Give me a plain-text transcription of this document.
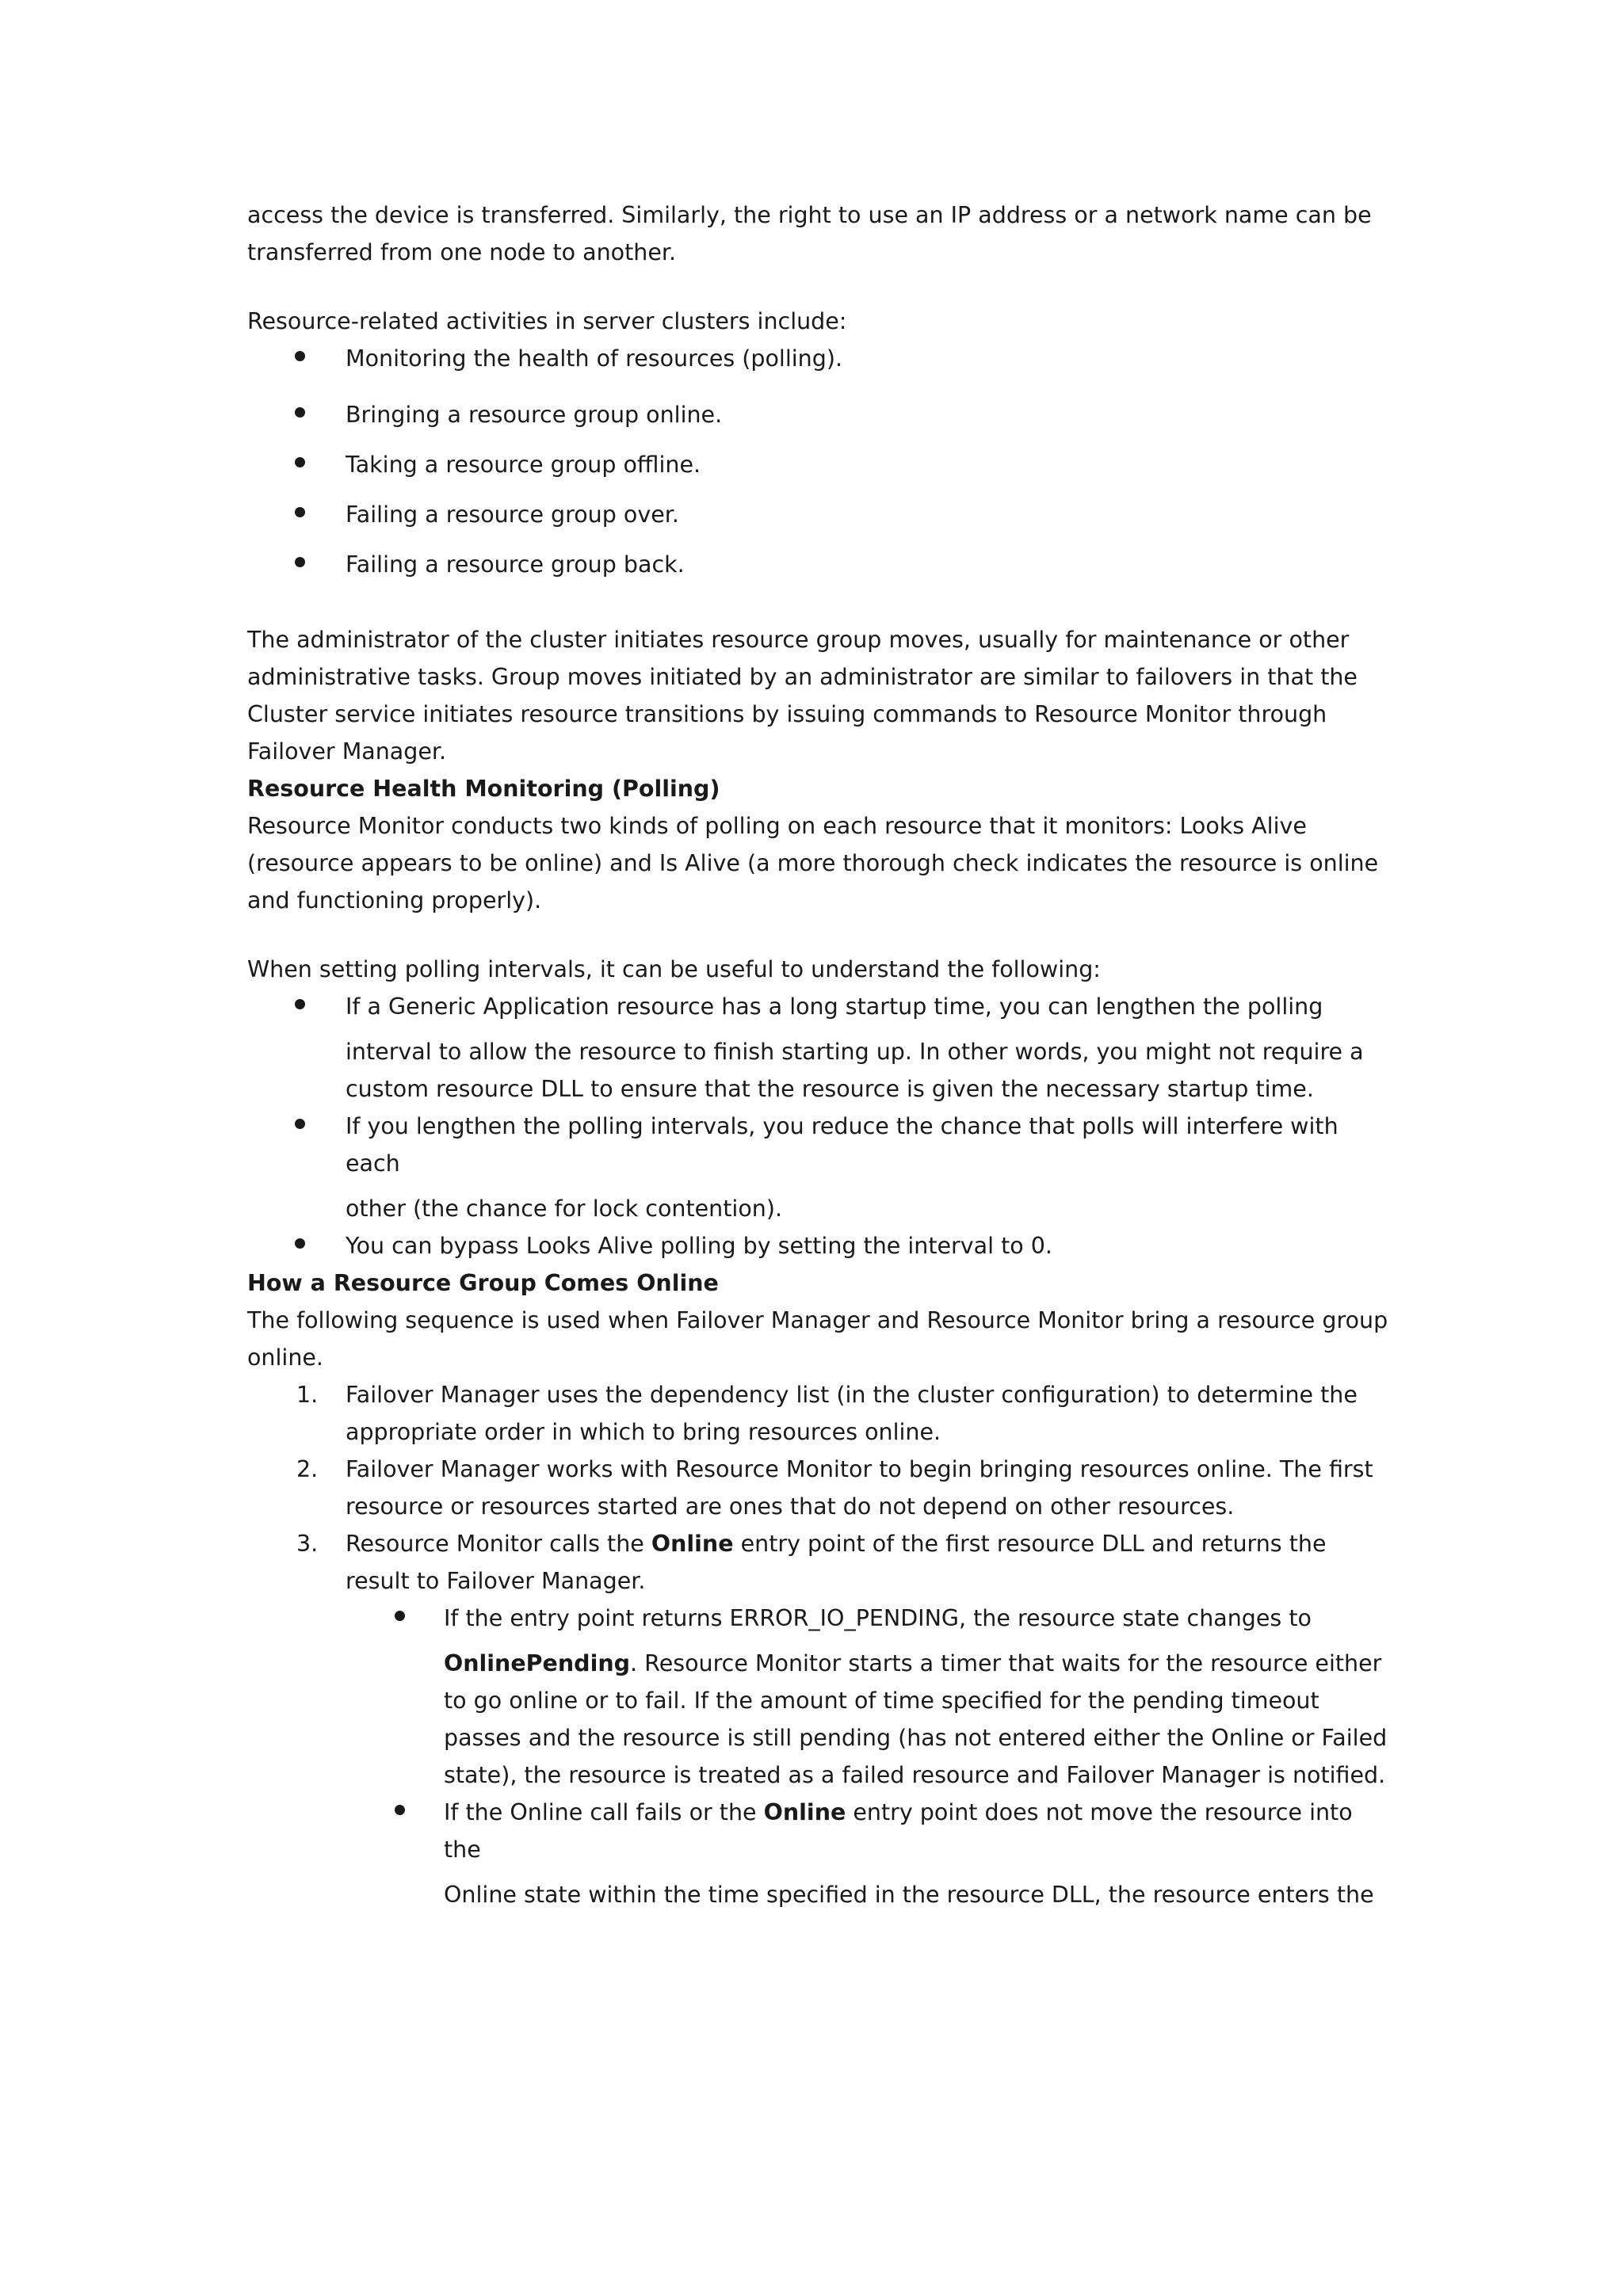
access the device is transferred. Similarly, the right to use an IP address or a network name can be transferred from one node to another.

Resource-related activities in server clusters include:

Monitoring the health of resources (polling).
Bringing a resource group online.
Taking a resource group offline.
Failing a resource group over.
Failing a resource group back.

The administrator of the cluster initiates resource group moves, usually for maintenance or other administrative tasks. Group moves initiated by an administrator are similar to failovers in that the Cluster service initiates resource transitions by issuing commands to Resource Monitor through Failover Manager.

Resource Health Monitoring (Polling)

Resource Monitor conducts two kinds of polling on each resource that it monitors: Looks Alive (resource appears to be online) and Is Alive (a more thorough check indicates the resource is online and functioning properly).

When setting polling intervals, it can be useful to understand the following:

If a Generic Application resource has a long startup time, you can lengthen the polling
interval to allow the resource to finish starting up. In other words, you might not require a custom resource DLL to ensure that the resource is given the necessary startup time.
If you lengthen the polling intervals, you reduce the chance that polls will interfere with each
other (the chance for lock contention).
You can bypass Looks Alive polling by setting the interval to 0.

How a Resource Group Comes Online

The following sequence is used when Failover Manager and Resource Monitor bring a resource group online.

1. Failover Manager uses the dependency list (in the cluster configuration) to determine the appropriate order in which to bring resources online.
2. Failover Manager works with Resource Monitor to begin bringing resources online. The first resource or resources started are ones that do not depend on other resources.
3. Resource Monitor calls the Online entry point of the first resource DLL and returns the result to Failover Manager.
If the entry point returns ERROR_IO_PENDING, the resource state changes to
OnlinePending. Resource Monitor starts a timer that waits for the resource either to go online or to fail. If the amount of time specified for the pending timeout passes and the resource is still pending (has not entered either the Online or Failed state), the resource is treated as a failed resource and Failover Manager is notified.
If the Online call fails or the Online entry point does not move the resource into the
Online state within the time specified in the resource DLL, the resource enters the
